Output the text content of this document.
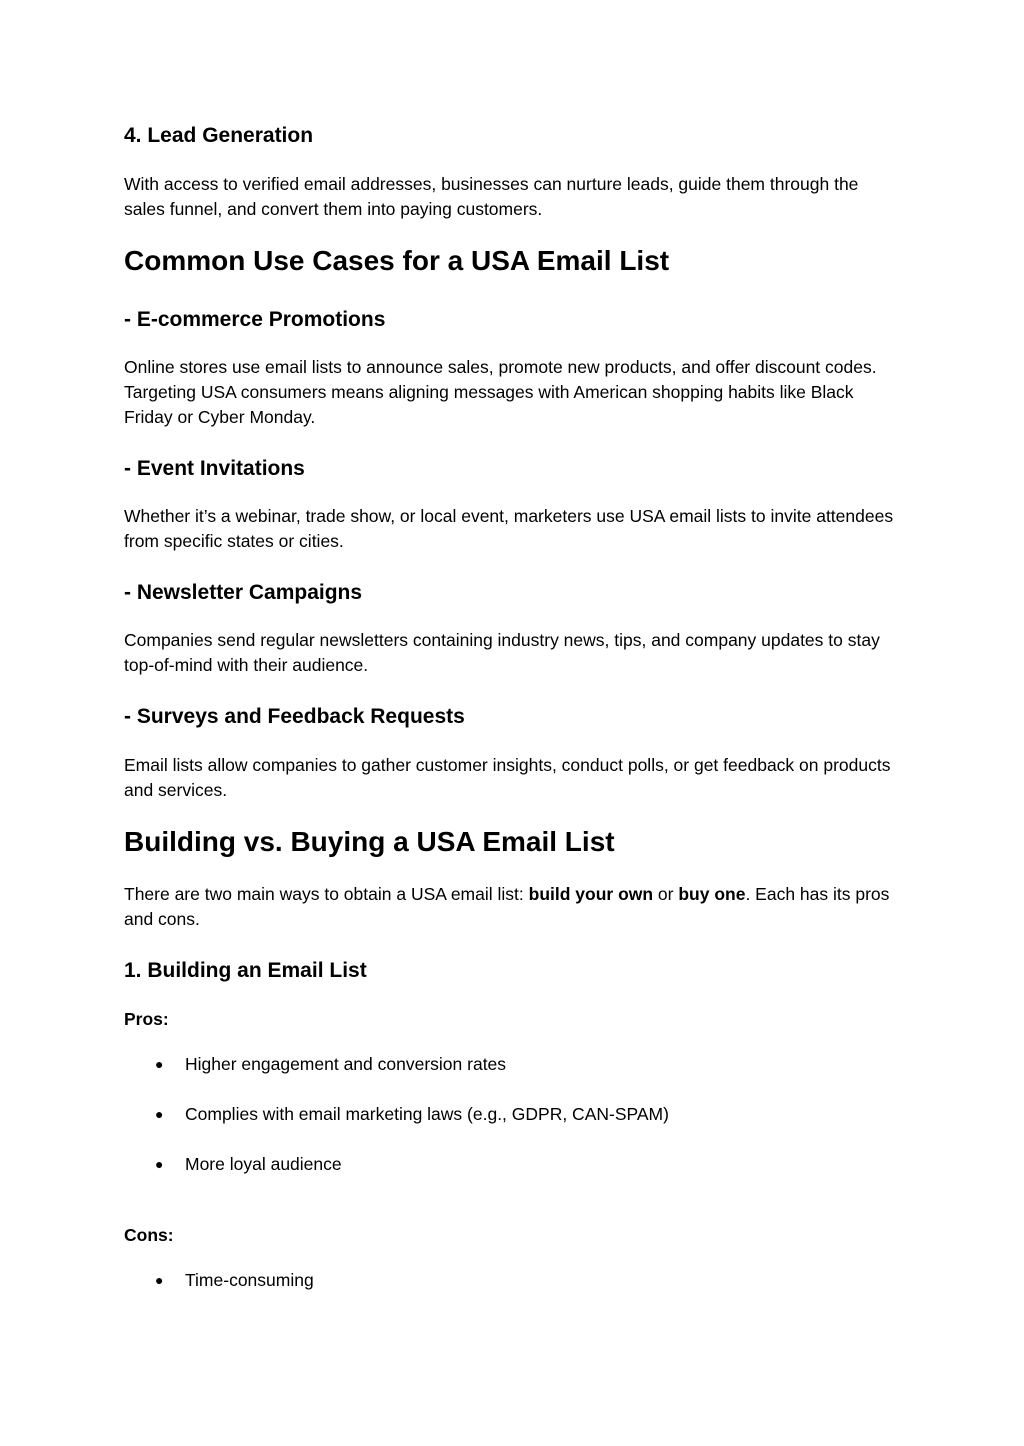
4. Lead Generation

With access to verified email addresses, businesses can nurture leads, guide them through the sales funnel, and convert them into paying customers.

Common Use Cases for a USA Email List
- E-commerce Promotions

Online stores use email lists to announce sales, promote new products, and offer discount codes. Targeting USA consumers means aligning messages with American shopping habits like Black Friday or Cyber Monday.

- Event Invitations

Whether it’s a webinar, trade show, or local event, marketers use USA email lists to invite attendees from specific states or cities.

- Newsletter Campaigns

Companies send regular newsletters containing industry news, tips, and company updates to stay top-of-mind with their audience.

- Surveys and Feedback Requests

Email lists allow companies to gather customer insights, conduct polls, or get feedback on products and services.

Building vs. Buying a USA Email List

There are two main ways to obtain a USA email list: build your own or buy one. Each has its pros and cons.

1. Building an Email List

Pros:

● Higher engagement and conversion rates
● Complies with email marketing laws (e.g., GDPR, CAN-SPAM)
● More loyal audience

Cons:

● Time-consuming
